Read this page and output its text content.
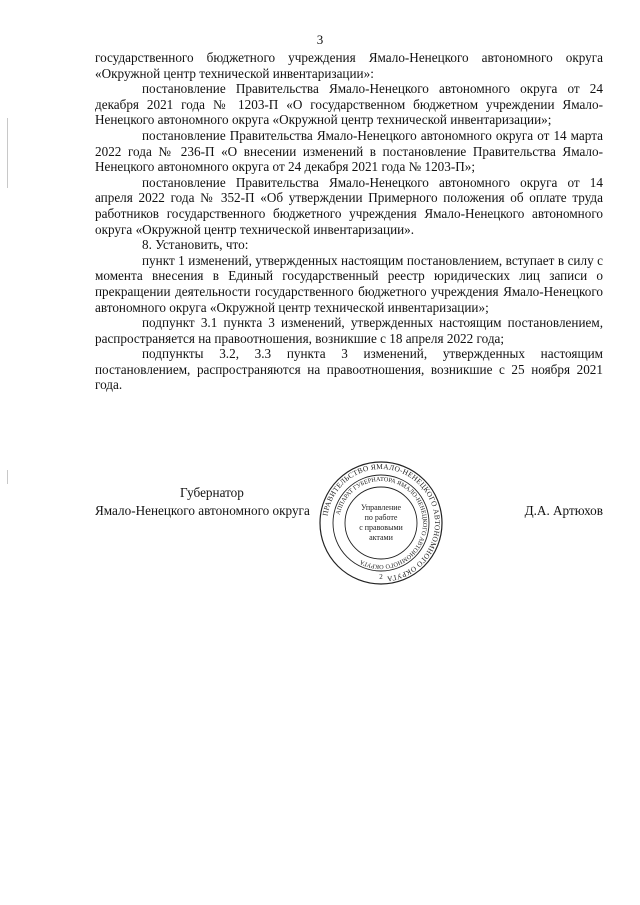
3

государственного бюджетного учреждения Ямало-Ненецкого автономного округа «Окружной центр технической инвентаризации»:

постановление Правительства Ямало-Ненецкого автономного округа от 24 декабря 2021 года № 1203-П «О государственном бюджетном учреждении Ямало-Ненецкого автономного округа «Окружной центр технической инвентаризации»;

постановление Правительства Ямало-Ненецкого автономного округа от 14 марта 2022 года № 236-П «О внесении изменений в постановление Правительства Ямало-Ненецкого автономного округа от 24 декабря 2021 года № 1203-П»;

постановление Правительства Ямало-Ненецкого автономного округа от 14 апреля 2022 года № 352-П «Об утверждении Примерного положения об оплате труда работников государственного бюджетного учреждения Ямало-Ненецкого автономного округа «Окружной центр технической инвентаризации».

8. Установить, что:

пункт 1 изменений, утвержденных настоящим постановлением, вступает в силу с момента внесения в Единый государственный реестр юридических лиц записи о прекращении деятельности государственного бюджетного учреждения Ямало-Ненецкого автономного округа «Окружной центр технической инвентаризации»;

подпункт 3.1 пункта 3 изменений, утвержденных настоящим постановлением, распространяется на правоотношения, возникшие с 18 апреля 2022 года;

подпункты 3.2, 3.3 пункта 3 изменений, утвержденных настоящим постановлением, распространяются на правоотношения, возникшие с 25 ноября 2021 года.

Губернатор
Ямало-Ненецкого автономного округа	Д.А. Артюхов
ПРАВИТЕЛЬСТВО ЯМАЛО-НЕНЕЦКОГО АВТОНОМНОГО ОКРУГА
АППАРАТ ГУБЕРНАТОРА ЯМАЛО-НЕНЕЦКОГО АВТОНОМНОГО ОКРУГА
Управление
по работе
с правовыми
актами
2
